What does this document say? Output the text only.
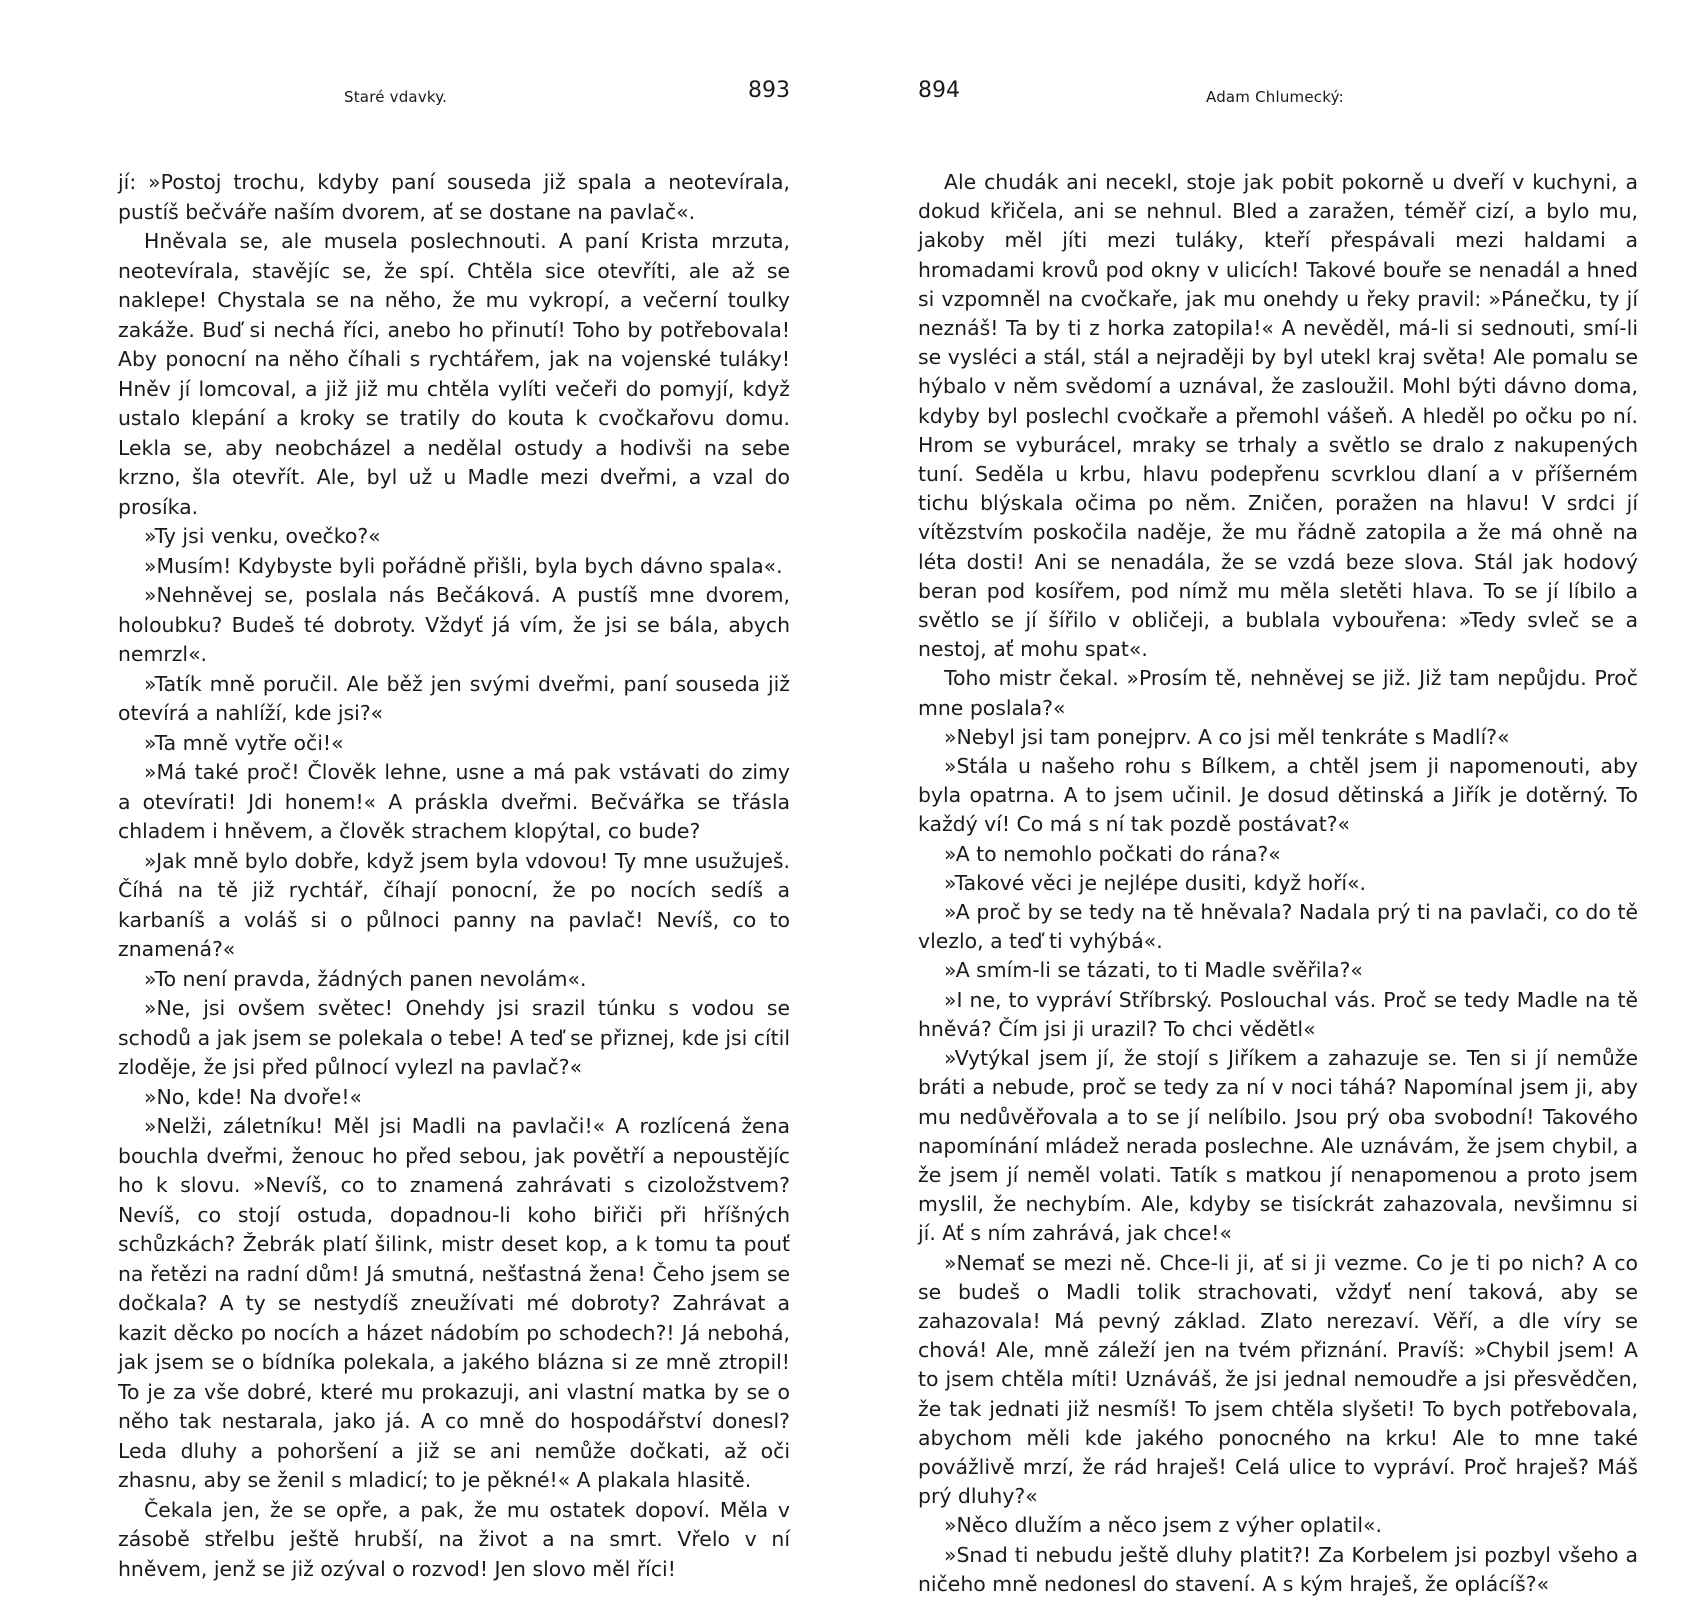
Staré vdavky.	893

jí: »Postoj trochu, kdyby paní souseda již spala a neotevírala, pustíš bečváře naším dvorem, ať se dostane na pavlač«.

Hněvala se, ale musela poslechnouti. A paní Krista mrzuta, neotevírala, stavějíc se, že spí. Chtěla sice otevříti, ale až se naklepe! Chystala se na něho, že mu vykropí, a večerní toulky zakáže. Buď si nechá říci, anebo ho přinutí! Toho by potřebovala! Aby ponocní na něho číhali s rychtářem, jak na vojenské tuláky! Hněv jí lomcoval, a již již mu chtěla vylíti večeři do pomyjí, když ustalo klepání a kroky se tratily do kouta k cvočkařovu domu. Lekla se, aby neobcházel a nedělal ostudy a hodivši na sebe krzno, šla otevřít. Ale, byl už u Madle mezi dveřmi, a vzal do prosíka.

»Ty jsi venku, ovečko?«

»Musím! Kdybyste byli pořádně přišli, byla bych dávno spala«.

»Nehněvej se, poslala nás Bečáková. A pustíš mne dvorem, holoubku? Budeš té dobroty. Vždyť já vím, že jsi se bála, abych nemrzl«.

»Tatík mně poručil. Ale běž jen svými dveřmi, paní souseda již otevírá a nahlíží, kde jsi?«

»Ta mně vytře oči!«

»Má také proč! Člověk lehne, usne a má pak vstávati do zimy a otevírati! Jdi honem!« A práskla dveřmi. Bečvářka se třásla chladem i hněvem, a člověk strachem klopýtal, co bude?

»Jak mně bylo dobře, když jsem byla vdovou! Ty mne usužuješ. Číhá na tě již rychtář, číhají ponocní, že po nocích sedíš a karbaníš a voláš si o půlnoci panny na pavlač! Nevíš, co to znamená?«

»To není pravda, žádných panen nevolám«.

»Ne, jsi ovšem světec! Onehdy jsi srazil túnku s vodou se schodů a jak jsem se polekala o tebe! A teď se přiznej, kde jsi cítil zloděje, že jsi před půlnocí vylezl na pavlač?«

»No, kde! Na dvoře!«

»Nelži, záletníku! Měl jsi Madli na pavlači!« A rozlícená žena bouchla dveřmi, ženouc ho před sebou, jak povětří a nepoustějíc ho k slovu. »Nevíš, co to znamená zahrávati s cizoložstvem? Nevíš, co stojí ostuda, dopadnou-li koho biřiči při hříšných schůzkách? Žebrák platí šilink, mistr deset kop, a k tomu ta pouť na řetězi na radní dům! Já smutná, nešťastná žena! Čeho jsem se dočkala? A ty se nestydíš zneužívati mé dobroty? Zahrávat a kazit děcko po nocích a házet nádobím po schodech?! Já nebohá, jak jsem se o bídníka polekala, a jakého blázna si ze mně ztropil! To je za vše dobré, které mu prokazuji, ani vlastní matka by se o něho tak nestarala, jako já. A co mně do hospodářství donesl? Leda dluhy a pohoršení a již se ani nemůže dočkati, až oči zhasnu, aby se ženil s mladicí; to je pěkné!« A plakala hlasitě.

Čekala jen, že se opře, a pak, že mu ostatek dopoví. Měla v zásobě střelbu ještě hrubší, na život a na smrt. Vřelo v ní hněvem, jenž se již ozýval o rozvod! Jen slovo měl říci!

894	Adam Chlumecký:

Ale chudák ani necekl, stoje jak pobit pokorně u dveří v kuchyni, a dokud křičela, ani se nehnul. Bled a zaražen, téměř cizí, a bylo mu, jakoby měl jíti mezi tuláky, kteří přespávali mezi haldami a hromadami krovů pod okny v ulicích! Takové bouře se nenadál a hned si vzpomněl na cvočkaře, jak mu onehdy u řeky pravil: »Pánečku, ty jí neznáš! Ta by ti z horka zatopila!« A nevěděl, má-li si sednouti, smí-li se vysléci a stál, stál a nejraději by byl utekl kraj světa! Ale pomalu se hýbalo v něm svědomí a uznával, že zasloužil. Mohl býti dávno doma, kdyby byl poslechl cvočkaře a přemohl vášeň. A hleděl po očku po ní. Hrom se vyburácel, mraky se trhaly a světlo se dralo z nakupených tuní. Seděla u krbu, hlavu podepřenu scvrklou dlaní a v příšerném tichu blýskala očima po něm. Zničen, poražen na hlavu! V srdci jí vítězstvím poskočila naděje, že mu řádně zatopila a že má ohně na léta dosti! Ani se nenadála, že se vzdá beze slova. Stál jak hodový beran pod kosířem, pod nímž mu měla sletěti hlava. To se jí líbilo a světlo se jí šířilo v obličeji, a bublala vybouřena: »Tedy svleč se a nestoj, ať mohu spat«.

Toho mistr čekal. »Prosím tě, nehněvej se již. Již tam nepůjdu. Proč mne poslala?«

»Nebyl jsi tam ponejprv. A co jsi měl tenkráte s Madlí?«

»Stála u našeho rohu s Bílkem, a chtěl jsem ji napomenouti, aby byla opatrna. A to jsem učinil. Je dosud dětinská a Jiřík je dotěrný. To každý ví! Co má s ní tak pozdě postávat?«

»A to nemohlo počkati do rána?«

»Takové věci je nejlépe dusiti, když hoří«.

»A proč by se tedy na tě hněvala? Nadala prý ti na pavlači, co do tě vlezlo, a teď ti vyhýbá«.

»A smím-li se tázati, to ti Madle svěřila?«

»I ne, to vypráví Stříbrský. Poslouchal vás. Proč se tedy Madle na tě hněvá? Čím jsi ji urazil? To chci vědětl«

»Vytýkal jsem jí, že stojí s Jiříkem a zahazuje se. Ten si jí nemůže bráti a nebude, proč se tedy za ní v noci táhá? Napomínal jsem ji, aby mu nedůvěřovala a to se jí nelíbilo. Jsou prý oba svobodní! Takového napomínání mládež nerada poslechne. Ale uznávám, že jsem chybil, a že jsem jí neměl volati. Tatík s matkou jí nenapomenou a proto jsem myslil, že nechybím. Ale, kdyby se tisíckrát zahazovala, nevšimnu si jí. Ať s ním zahrává, jak chce!«

»Nemať se mezi ně. Chce-li ji, ať si ji vezme. Co je ti po nich? A co se budeš o Madli tolik strachovati, vždyť není taková, aby se zahazovala! Má pevný základ. Zlato nerezaví. Věří, a dle víry se chová! Ale, mně záleží jen na tvém přiznání. Pravíš: »Chybil jsem! A to jsem chtěla míti! Uznáváš, že jsi jednal nemoudře a jsi přesvědčen, že tak jednati již nesmíš! To jsem chtěla slyšeti! To bych potřebovala, abychom měli kde jakého ponocného na krku! Ale to mne také povážlivě mrzí, že rád hraješ! Celá ulice to vypráví. Proč hraješ? Máš prý dluhy?«

»Něco dlužím a něco jsem z výher oplatil«.

»Snad ti nebudu ještě dluhy platit?! Za Korbelem jsi pozbyl všeho a ničeho mně nedonesl do stavení. A s kým hraješ, že oplácíš?«
